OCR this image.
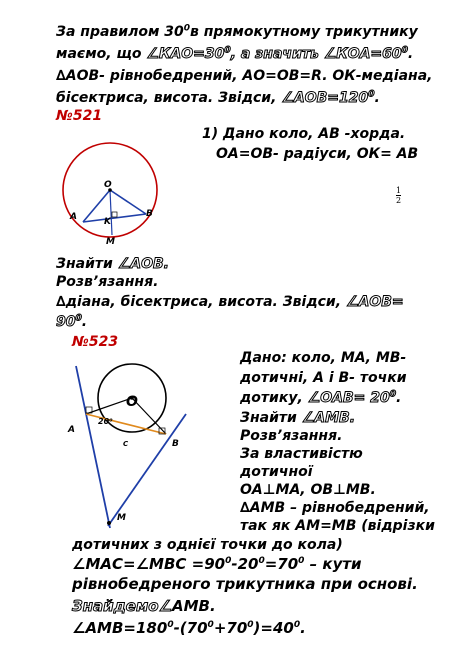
За правилом $30^0в$ прямокутному трикутнику
маємо, що $\angle КАО=30^0$, а значить $\angle КОА=60^0$.
∆АОВ- рівнобедрений, АО=ОВ=R. ОК-медіана,
бісектриса, висота. Звідси, $\angle АОВ=120^0$.
№521
1) Дано коло, АВ -хорда.
ОА=ОВ- радіуси, ОК= АВ
1
2
O
A	K
B
M
Знайти ∠АОВ.
Розв’язання.
∆діана, бісектриса, висота. Звідси, ∠АОВ=
$90^0$.
№523
O
A
20⁰
C	B
M
Дано: коло, МА, МВ-
дотичні, А і В- точки
дотику, ∠OAB= $20^0$.
Знайти ∠AMB.
Розв’язання.
За властивістю
дотичної
ОА⊥МА, ОВ⊥МВ.
∆АМВ – рівнобедрений,
так як АМ=МВ (відрізки
дотичних з однієї точки до кола)
∠МАС=∠МВС $=90^0-20^0=70^0$ – кути
рівнобедреного трикутника при основі.
Знайдемо∠АМВ.
$\angle АМВ=180^0-(70^0+70^0)=40^0$.
